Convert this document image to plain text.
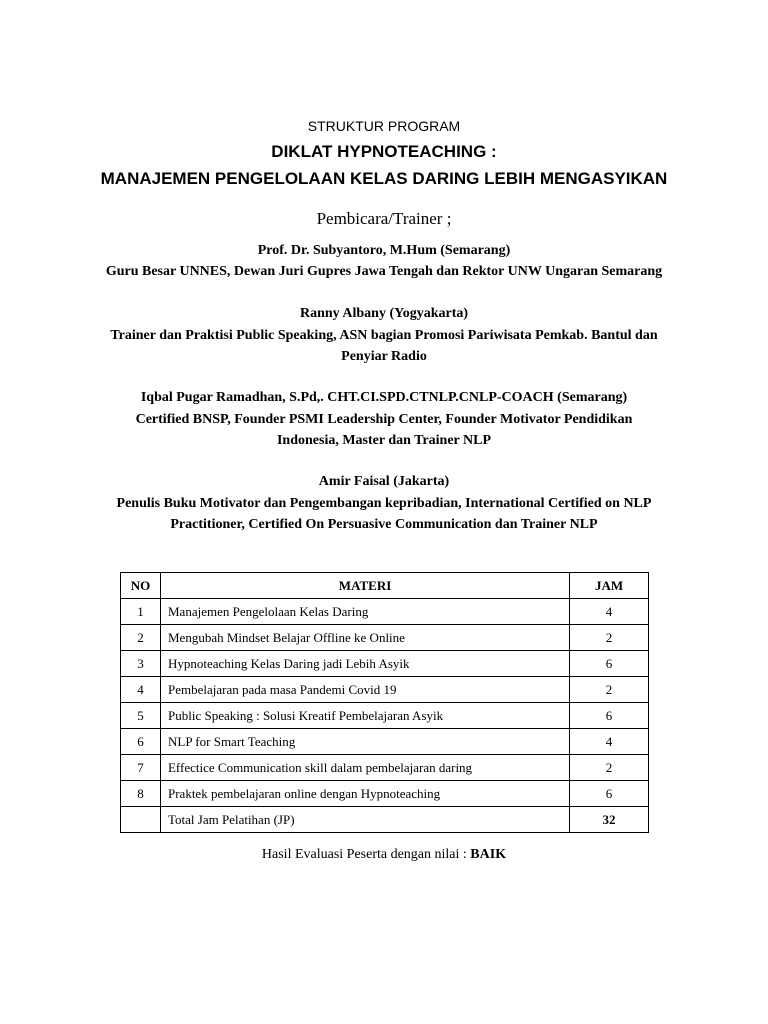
STRUKTUR PROGRAM
DIKLAT HYPNOTEACHING :
MANAJEMEN PENGELOLAAN KELAS DARING LEBIH MENGASYIKAN
Pembicara/Trainer ;
Prof. Dr. Subyantoro, M.Hum (Semarang)
Guru Besar UNNES, Dewan Juri Gupres Jawa Tengah dan Rektor UNW Ungaran Semarang
Ranny Albany (Yogyakarta)
Trainer dan Praktisi Public Speaking, ASN bagian Promosi Pariwisata Pemkab. Bantul dan
Penyiar Radio
Iqbal Pugar Ramadhan, S.Pd,. CHT.CI.SPD.CTNLP.CNLP-COACH (Semarang)
Certified BNSP, Founder PSMI Leadership Center, Founder Motivator Pendidikan
Indonesia, Master dan Trainer NLP
Amir Faisal (Jakarta)
Penulis Buku Motivator dan Pengembangan kepribadian, International Certified on NLP
Practitioner, Certified On Persuasive Communication dan Trainer NLP
NO	MATERI	JAM
1	Manajemen Pengelolaan Kelas Daring	4
2	Mengubah Mindset Belajar Offline ke Online	2
3	Hypnoteaching Kelas Daring jadi Lebih Asyik	6
4	Pembelajaran pada masa Pandemi Covid 19	2
5	Public Speaking : Solusi Kreatif Pembelajaran Asyik	6
6	NLP for Smart Teaching	4
7	Effectice Communication skill dalam pembelajaran daring	2
8	Praktek pembelajaran online dengan Hypnoteaching	6
	Total Jam Pelatihan (JP)	32
Hasil Evaluasi Peserta dengan nilai : BAIK
